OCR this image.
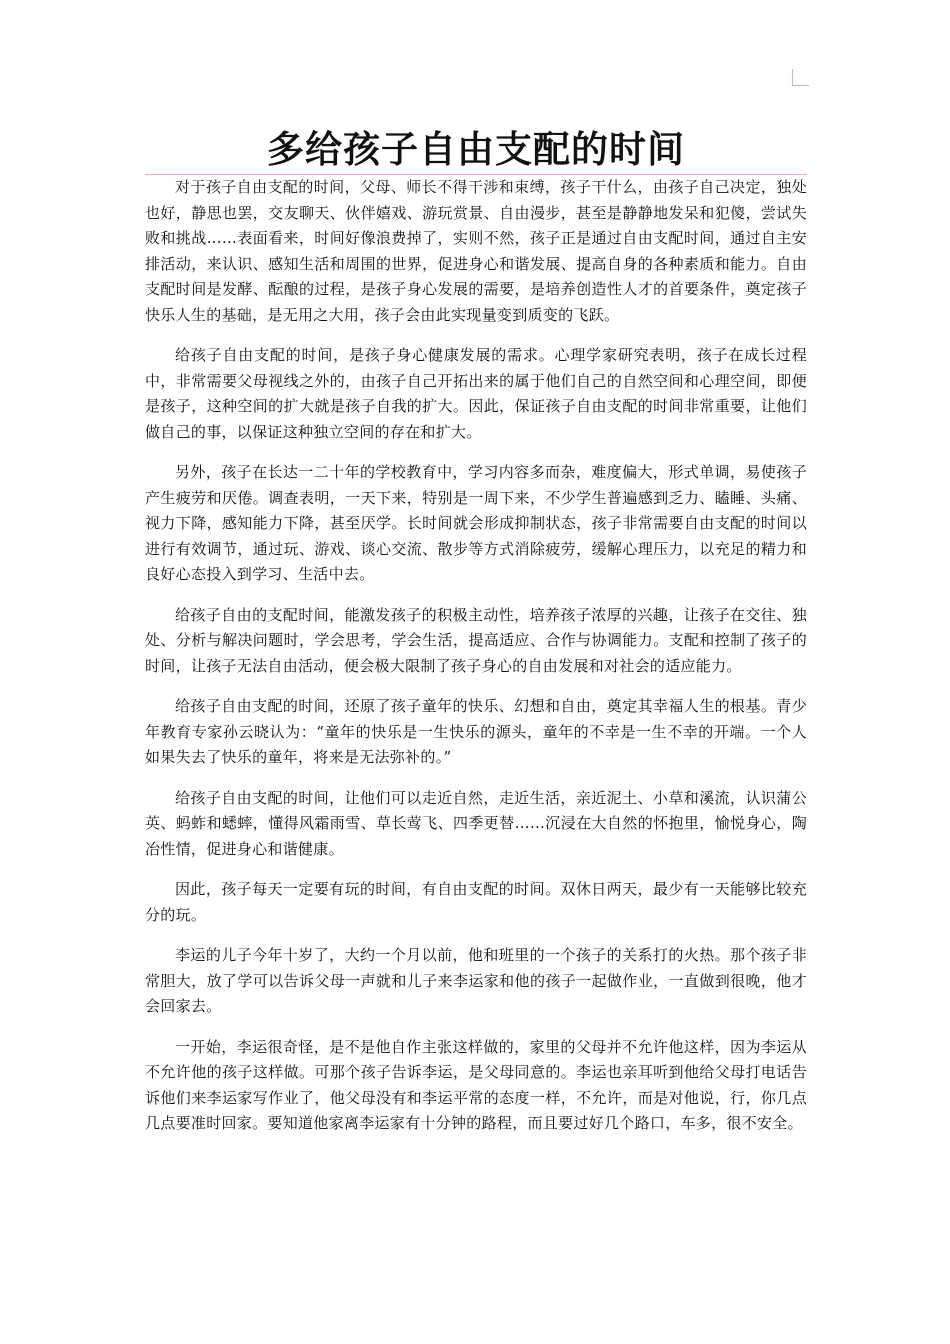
多给孩子自由支配的时间

对于孩子自由支配的时间，父母、师长不得干涉和束缚，孩子干什么，由孩子自己决定，独处也好，静思也罢，交友聊天、伙伴嬉戏、游玩赏景、自由漫步，甚至是静静地发呆和犯傻，尝试失败和挑战……表面看来，时间好像浪费掉了，实则不然，孩子正是通过自由支配时间，通过自主安排活动，来认识、感知生活和周围的世界，促进身心和谐发展、提高自身的各种素质和能力。自由支配时间是发酵、酝酿的过程，是孩子身心发展的需要，是培养创造性人才的首要条件，奠定孩子快乐人生的基础，是无用之大用，孩子会由此实现量变到质变的飞跃。

给孩子自由支配的时间，是孩子身心健康发展的需求。心理学家研究表明，孩子在成长过程中，非常需要父母视线之外的，由孩子自己开拓出来的属于他们自己的自然空间和心理空间，即便是孩子，这种空间的扩大就是孩子自我的扩大。因此，保证孩子自由支配的时间非常重要，让他们做自己的事，以保证这种独立空间的存在和扩大。

另外，孩子在长达一二十年的学校教育中，学习内容多而杂，难度偏大，形式单调，易使孩子产生疲劳和厌倦。调查表明，一天下来，特别是一周下来，不少学生普遍感到乏力、瞌睡、头痛、视力下降，感知能力下降，甚至厌学。长时间就会形成抑制状态，孩子非常需要自由支配的时间以进行有效调节，通过玩、游戏、谈心交流、散步等方式消除疲劳，缓解心理压力，以充足的精力和良好心态投入到学习、生活中去。

给孩子自由的支配时间，能激发孩子的积极主动性，培养孩子浓厚的兴趣，让孩子在交往、独处、分析与解决问题时，学会思考，学会生活，提高适应、合作与协调能力。支配和控制了孩子的时间，让孩子无法自由活动，便会极大限制了孩子身心的自由发展和对社会的适应能力。

给孩子自由支配的时间，还原了孩子童年的快乐、幻想和自由，奠定其幸福人生的根基。青少年教育专家孙云晓认为：“童年的快乐是一生快乐的源头，童年的不幸是一生不幸的开端。一个人如果失去了快乐的童年，将来是无法弥补的。”

给孩子自由支配的时间，让他们可以走近自然，走近生活，亲近泥土、小草和溪流，认识蒲公英、蚂蚱和蟋蟀，懂得风霜雨雪、草长莺飞、四季更替……沉浸在大自然的怀抱里，愉悦身心，陶冶性情，促进身心和谐健康。

因此，孩子每天一定要有玩的时间，有自由支配的时间。双休日两天，最少有一天能够比较充分的玩。

李运的儿子今年十岁了，大约一个月以前，他和班里的一个孩子的关系打的火热。那个孩子非常胆大，放了学可以告诉父母一声就和儿子来李运家和他的孩子一起做作业，一直做到很晚，他才会回家去。

一开始，李运很奇怪，是不是他自作主张这样做的，家里的父母并不允许他这样，因为李运从不允许他的孩子这样做。可那个孩子告诉李运，是父母同意的。李运也亲耳听到他给父母打电话告诉他们来李运家写作业了，他父母没有和李运平常的态度一样，不允许，而是对他说，行，你几点几点要准时回家。要知道他家离李运家有十分钟的路程，而且要过好几个路口，车多，很不安全。
